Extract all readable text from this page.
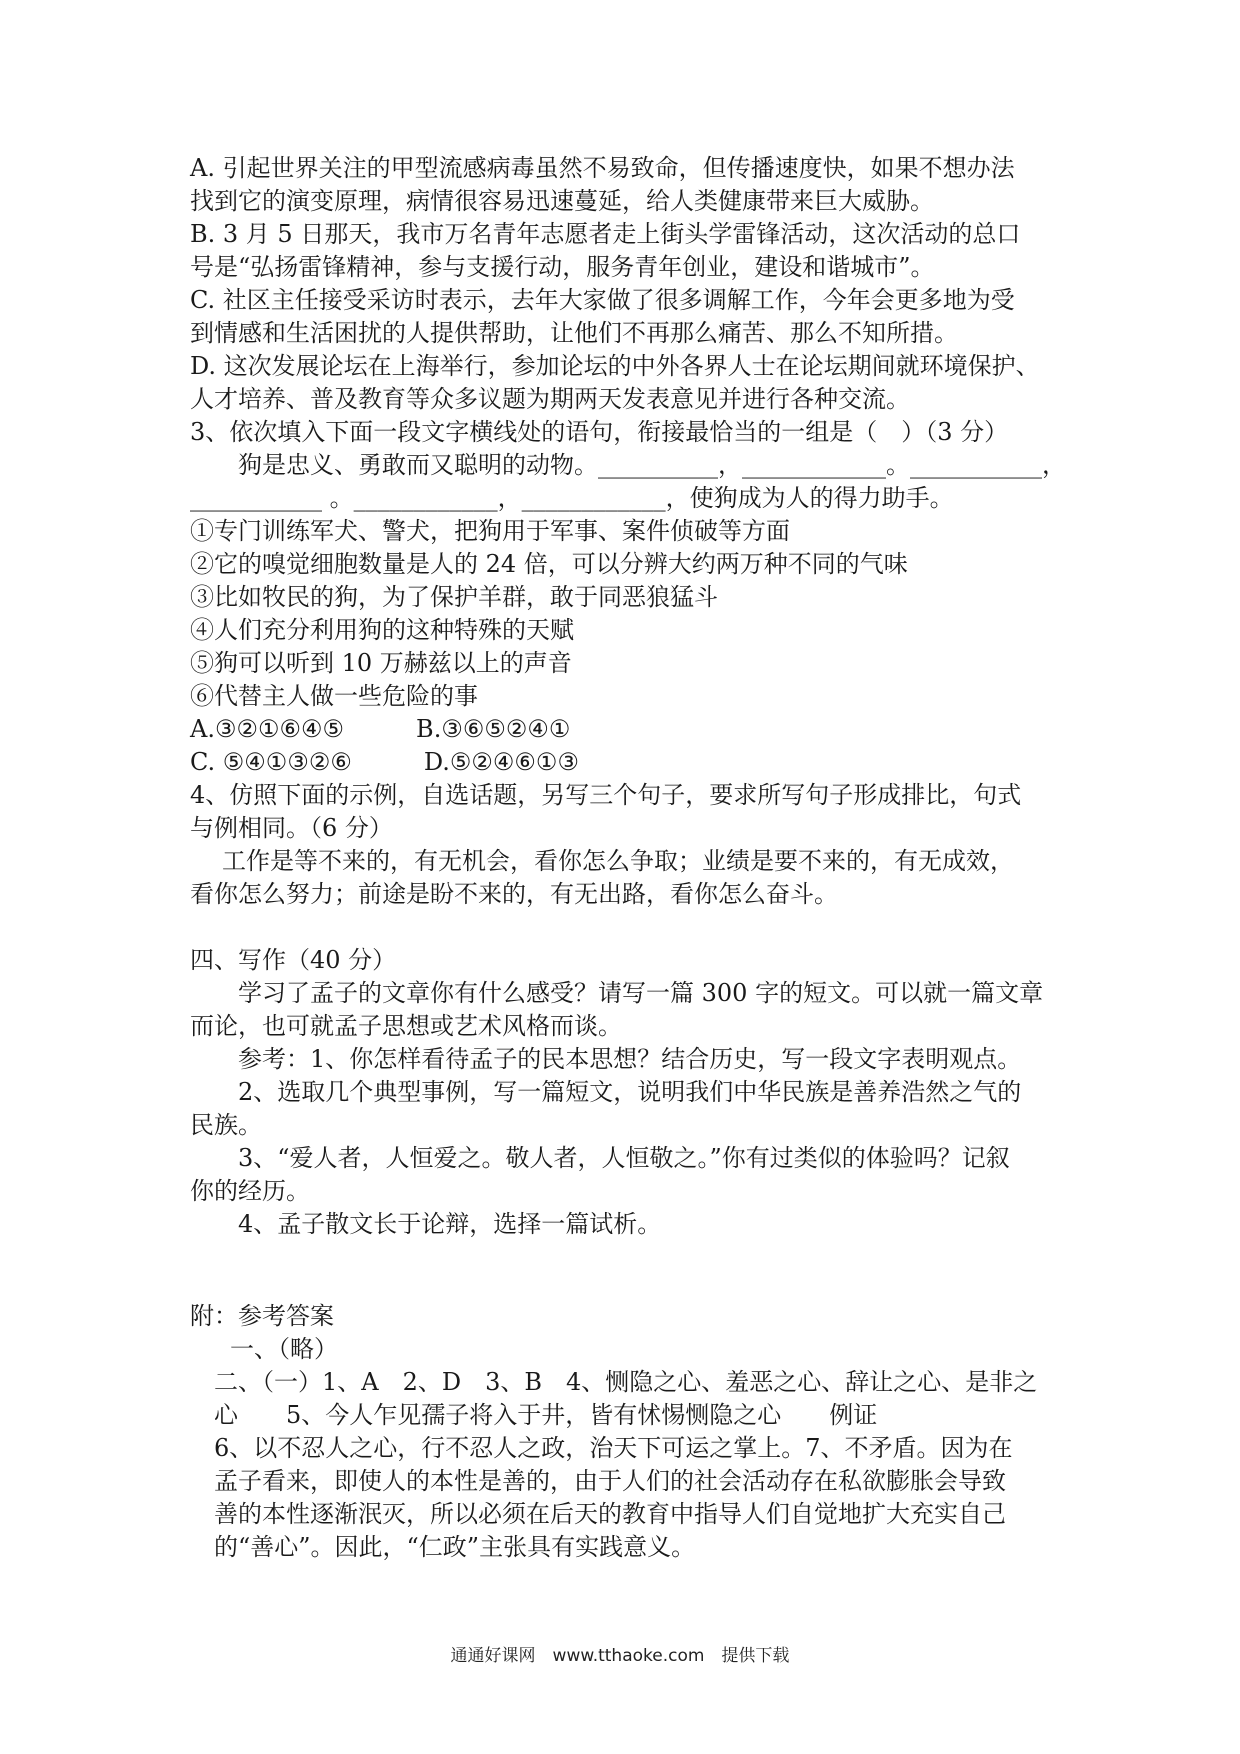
A. 引起世界关注的甲型流感病毒虽然不易致命，但传播速度快，如果不想办法
找到它的演变原理，病情很容易迅速蔓延，给人类健康带来巨大威胁。
B. 3 月 5 日那天，我市万名青年志愿者走上街头学雷锋活动，这次活动的总口
号是“弘扬雷锋精神，参与支援行动，服务青年创业，建设和谐城市”。
C. 社区主任接受采访时表示，去年大家做了很多调解工作，今年会更多地为受
到情感和生活困扰的人提供帮助，让他们不再那么痛苦、那么不知所措。
D. 这次发展论坛在上海举行，参加论坛的中外各界人士在论坛期间就环境保护、
人才培养、普及教育等众多议题为期两天发表意见并进行各种交流。
3、依次填入下面一段文字横线处的语句，衔接最恰当的一组是（　）（3 分）
狗是忠义、勇敢而又聪明的动物。__________，____________。___________，
___________ 。____________，____________，使狗成为人的得力助手。
①专门训练军犬、警犬，把狗用于军事、案件侦破等方面
②它的嗅觉细胞数量是人的 24 倍，可以分辨大约两万种不同的气味
③比如牧民的狗，为了保护羊群，敢于同恶狼猛斗
④人们充分利用狗的这种特殊的天赋
⑤狗可以听到 10 万赫兹以上的声音
⑥代替主人做一些危险的事
A.③②①⑥④⑤　　　B.③⑥⑤②④①
C. ⑤④①③②⑥　　　D.⑤②④⑥①③
4、仿照下面的示例，自选话题，另写三个句子，要求所写句子形成排比，句式
与例相同。（6 分）
工作是等不来的，有无机会，看你怎么争取；业绩是要不来的，有无成效，
看你怎么努力；前途是盼不来的，有无出路，看你怎么奋斗。
四、写作（40 分）
学习了孟子的文章你有什么感受？请写一篇 300 字的短文。可以就一篇文章
而论，也可就孟子思想或艺术风格而谈。
参考：1、你怎样看待孟子的民本思想？结合历史，写一段文字表明观点。
2、选取几个典型事例，写一篇短文，说明我们中华民族是善养浩然之气的
民族。
3、“爱人者，人恒爱之。敬人者，人恒敬之。”你有过类似的体验吗？记叙
你的经历。
4、孟子散文长于论辩，选择一篇试析。
附：参考答案
一、（略）
二、（一）1、A　2、D　3、B　4、恻隐之心、羞恶之心、辞让之心、是非之
心　　5、今人乍见孺子将入于井，皆有怵惕恻隐之心　　例证
6、以不忍人之心，行不忍人之政，治天下可运之掌上。7、不矛盾。因为在
孟子看来，即使人的本性是善的，由于人们的社会活动存在私欲膨胀会导致
善的本性逐渐泯灭，所以必须在后天的教育中指导人们自觉地扩大充实自己
的“善心”。因此，“仁政”主张具有实践意义。
通通好课网　www.tthaoke.com　提供下载
